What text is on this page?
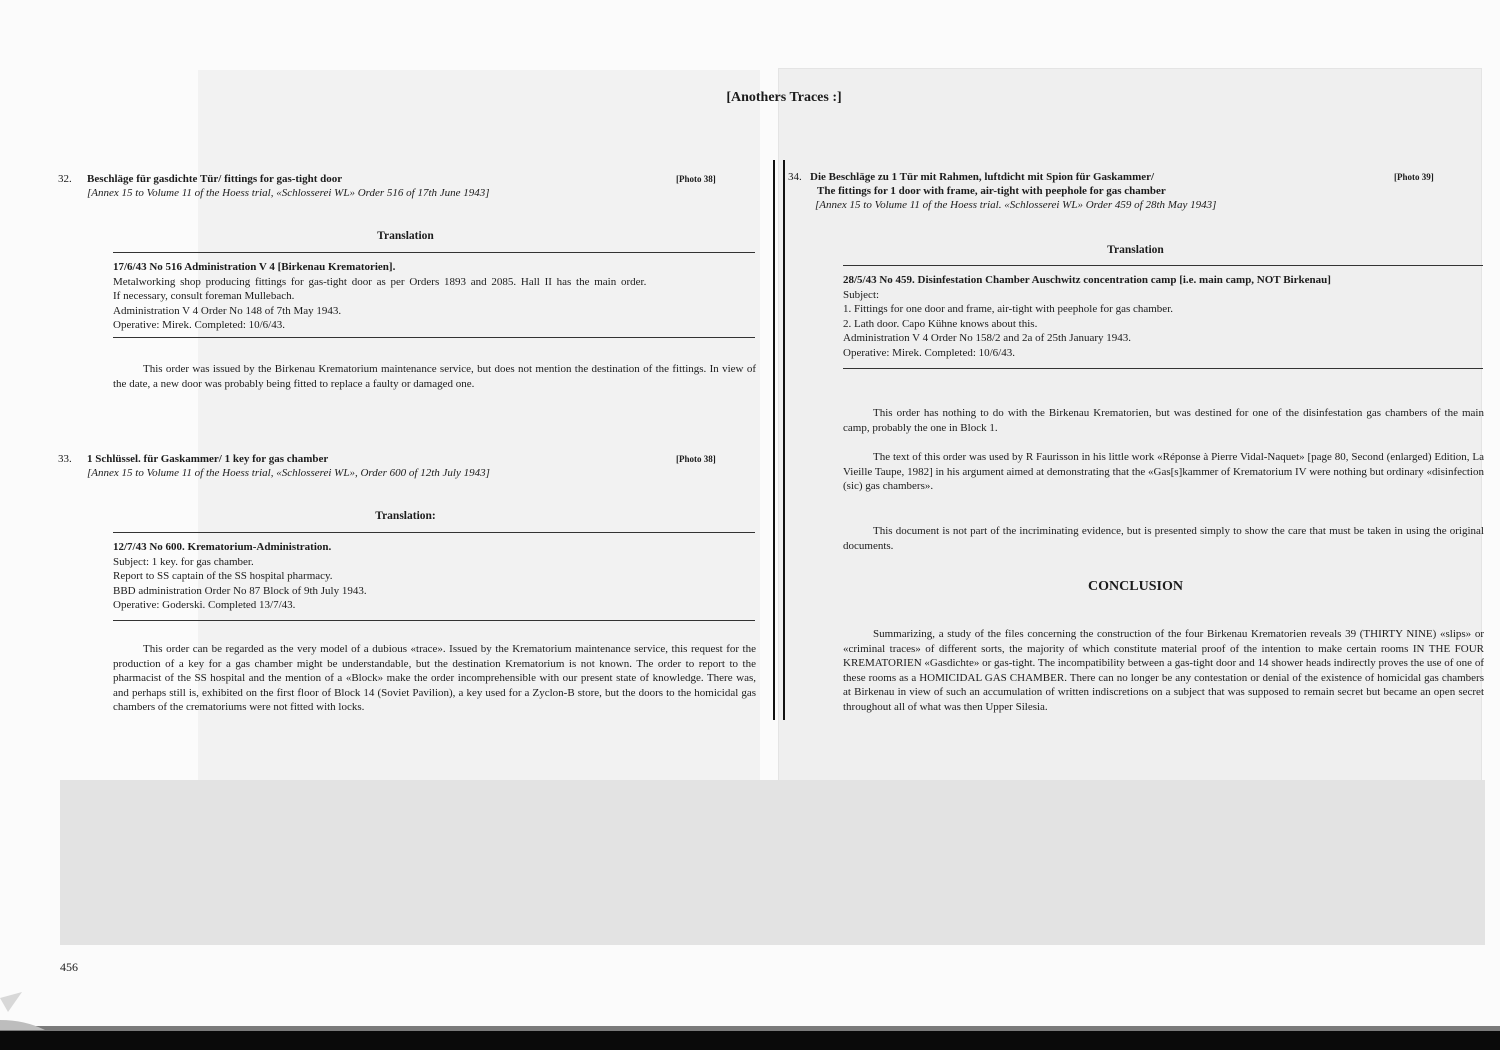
[Anothers Traces :]
32. Beschläge für gasdichte Tür/ fittings for gas-tight door
[Annex 15 to Volume 11 of the Hoess trial, «Schlosserei WL» Order 516 of 17th June 1943]
[Photo 38]
Translation
17/6/43 No 516 Administration V 4 [Birkenau Krematorien].
Metalworking shop producing fittings for gas-tight door as per Orders 1893 and 2085. Hall II has the main order.
If necessary, consult foreman Mullebach.
Administration V 4 Order No 148 of 7th May 1943.
Operative: Mirek. Completed: 10/6/43.
This order was issued by the Birkenau Krematorium maintenance service, but does not mention the destination of the fittings. In view of the date, a new door was probably being fitted to replace a faulty or damaged one.
33. 1 Schlüssel. für Gaskammer/ 1 key for gas chamber
[Annex 15 to Volume 11 of the Hoess trial, «Schlosserei WL», Order 600 of 12th July 1943]
[Photo 38]
Translation:
12/7/43 No 600. Krematorium-Administration.
Subject: 1 key. for gas chamber.
Report to SS captain of the SS hospital pharmacy.
BBD administration Order No 87 Block of 9th July 1943.
Operative: Goderski. Completed 13/7/43.
This order can be regarded as the very model of a dubious «trace». Issued by the Krematorium maintenance service, this request for the production of a key for a gas chamber might be understandable, but the destination Krematorium is not known. The order to report to the pharmacist of the SS hospital and the mention of a «Block» make the order incomprehensible with our present state of knowledge. There was, and perhaps still is, exhibited on the first floor of Block 14 (Soviet Pavilion), a key used for a Zyclon-B store, but the doors to the homicidal gas chambers of the crematoriums were not fitted with locks.
34. Die Beschläge zu 1 Tür mit Rahmen, luftdicht mit Spion für Gaskammer/
The fittings for 1 door with frame, air-tight with peephole for gas chamber
[Annex 15 to Volume 11 of the Hoess trial. «Schlosserei WL» Order 459 of 28th May 1943]
[Photo 39]
Translation
28/5/43 No 459. Disinfestation Chamber Auschwitz concentration camp [i.e. main camp, NOT Birkenau]
Subject:
1. Fittings for one door and frame, air-tight with peephole for gas chamber.
2. Lath door. Capo Kühne knows about this.
Administration V 4 Order No 158/2 and 2a of 25th January 1943.
Operative: Mirek. Completed: 10/6/43.
This order has nothing to do with the Birkenau Krematorien, but was destined for one of the disinfestation gas chambers of the main camp, probably the one in Block 1.
The text of this order was used by R Faurisson in his little work «Réponse à Pierre Vidal-Naquet» [page 80, Second (enlarged) Edition, La Vieille Taupe, 1982] in his argument aimed at demonstrating that the «Gas[s]kammer of Krematorium IV were nothing but ordinary «disinfection (sic) gas chambers».
This document is not part of the incriminating evidence, but is presented simply to show the care that must be taken in using the original documents.
CONCLUSION
Summarizing, a study of the files concerning the construction of the four Birkenau Krematorien reveals 39 (THIRTY NINE) «slips» or «criminal traces» of different sorts, the majority of which constitute material proof of the intention to make certain rooms IN THE FOUR KREMATORIEN «Gasdichte» or gas-tight. The incompatibility between a gas-tight door and 14 shower heads indirectly proves the use of one of these rooms as a HOMICIDAL GAS CHAMBER. There can no longer be any contestation or denial of the existence of homicidal gas chambers at Birkenau in view of such an accumulation of written indiscretions on a subject that was supposed to remain secret but became an open secret throughout all of what was then Upper Silesia.
456
